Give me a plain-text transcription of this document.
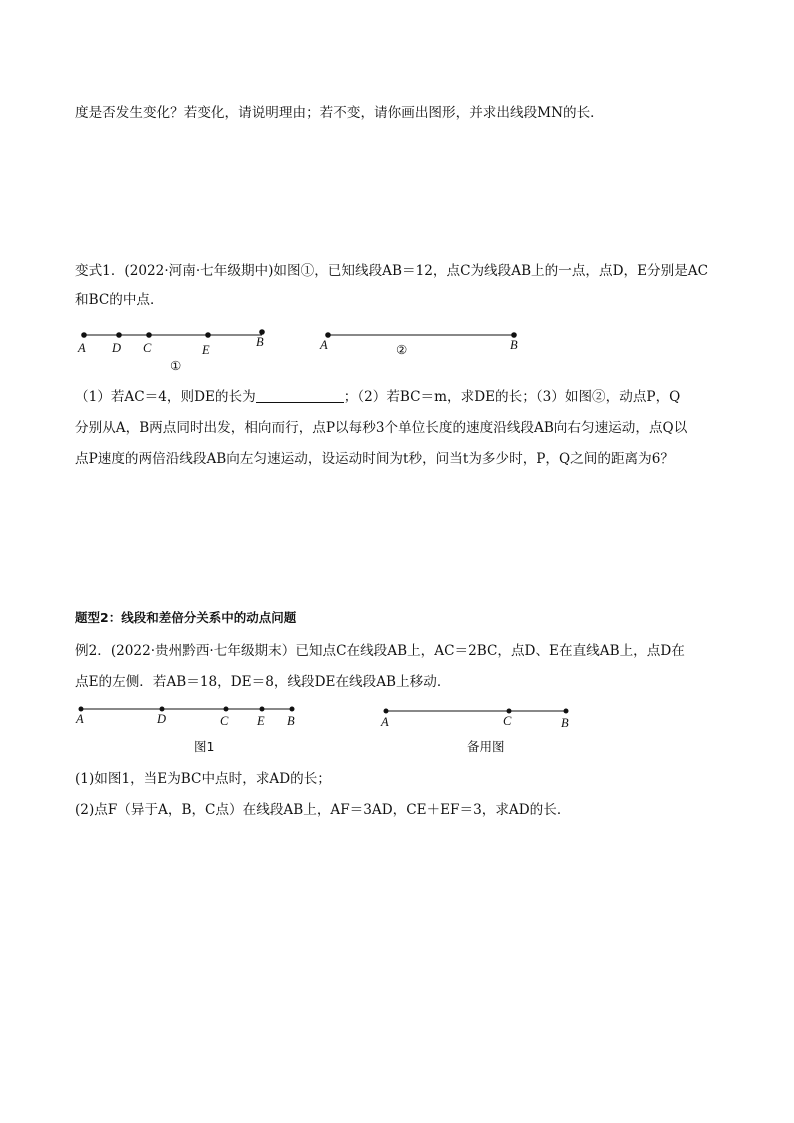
度是否发生变化？若变化，请说明理由；若不变，请你画出图形，并求出线段MN的长．
变式1．(2022·河南·七年级期中)如图①，已知线段AB＝12，点C为线段AB上的一点，点D，E分别是AC
和BC的中点．
A D C	E
B
①
A	B
②
A	D	C E B
图1
A	C	B
备用图
（1）若AC＝4，则DE的长为	；（2）若BC＝m，求DE的长；（3）如图②，动点P，Q
分别从A，B两点同时出发，相向而行，点P以每秒3个单位长度的速度沿线段AB向右匀速运动，点Q以
点P速度的两倍沿线段AB向左匀速运动，设运动时间为t秒，问当t为多少时，P，Q之间的距离为6？
题型2：线段和差倍分关系中的动点问题
例2．(2022·贵州黔西·七年级期末）已知点C在线段AB上，AC＝2BC，点D、E在直线AB上，点D在
点E的左侧．若AB＝18，DE＝8，线段DE在线段AB上移动．
(1)如图1，当E为BC中点时，求AD的长；
(2)点F（异于A，B，C点）在线段AB上，AF＝3AD，CE＋EF＝3，求AD的长．
